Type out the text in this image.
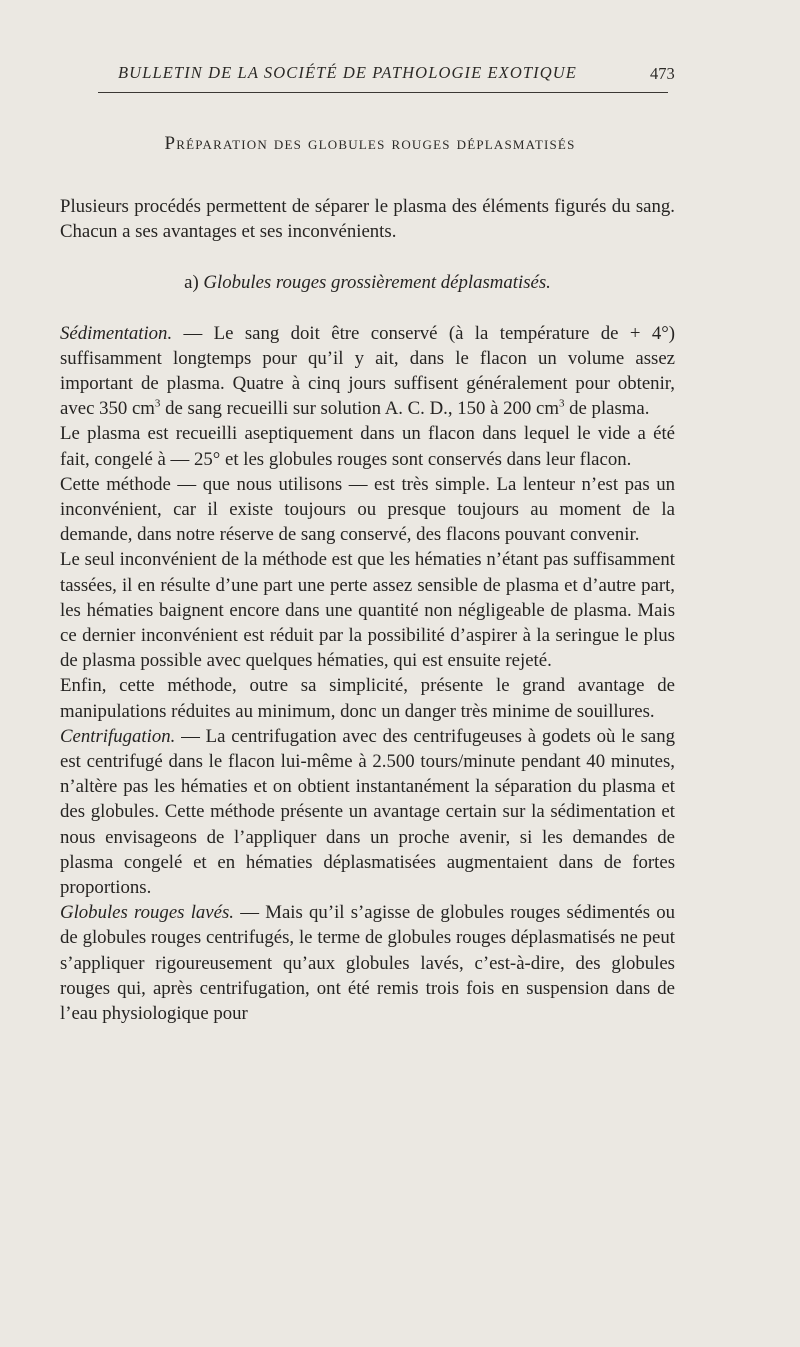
BULLETIN DE LA SOCIÉTÉ DE PATHOLOGIE EXOTIQUE	473
Préparation des globules rouges déplasmatisés

Plusieurs procédés permettent de séparer le plasma des éléments figurés du sang. Chacun a ses avantages et ses inconvénients.

a) Globules rouges grossièrement déplasmatisés.

Sédimentation. — Le sang doit être conservé (à la température de + 4°) suffisamment longtemps pour qu’il y ait, dans le flacon un volume assez important de plasma. Quatre à cinq jours suffisent généralement pour obtenir, avec 350 $cm^3$ de sang recueilli sur solution A. C. D., 150 à 200 $cm^3$ de plasma.

Le plasma est recueilli aseptiquement dans un flacon dans lequel le vide a été fait, congelé à — 25° et les globules rouges sont conservés dans leur flacon.

Cette méthode — que nous utilisons — est très simple. La lenteur n’est pas un inconvénient, car il existe toujours ou presque toujours au moment de la demande, dans notre réserve de sang conservé, des flacons pouvant convenir.

Le seul inconvénient de la méthode est que les hématies n’étant pas suffisamment tassées, il en résulte d’une part une perte assez sensible de plasma et d’autre part, les hématies baignent encore dans une quantité non négligeable de plasma. Mais ce dernier inconvénient est réduit par la possibilité d’aspirer à la seringue le plus de plasma possible avec quelques hématies, qui est ensuite rejeté.

Enfin, cette méthode, outre sa simplicité, présente le grand avantage de manipulations réduites au minimum, donc un danger très minime de souillures.

Centrifugation. — La centrifugation avec des centrifugeuses à godets où le sang est centrifugé dans le flacon lui-même à 2.500 tours/minute pendant 40 minutes, n’altère pas les hématies et on obtient instantanément la séparation du plasma et des globules. Cette méthode présente un avantage certain sur la sédimentation et nous envisageons de l’appliquer dans un proche avenir, si les demandes de plasma congelé et en hématies déplasmatisées augmentaient dans de fortes proportions.

Globules rouges lavés. — Mais qu’il s’agisse de globules rouges sédimentés ou de globules rouges centrifugés, le terme de globules rouges déplasmatisés ne peut s’appliquer rigoureusement qu’aux globules lavés, c’est-à-dire, des globules rouges qui, après centrifugation, ont été remis trois fois en suspension dans de l’eau physiologique pour
